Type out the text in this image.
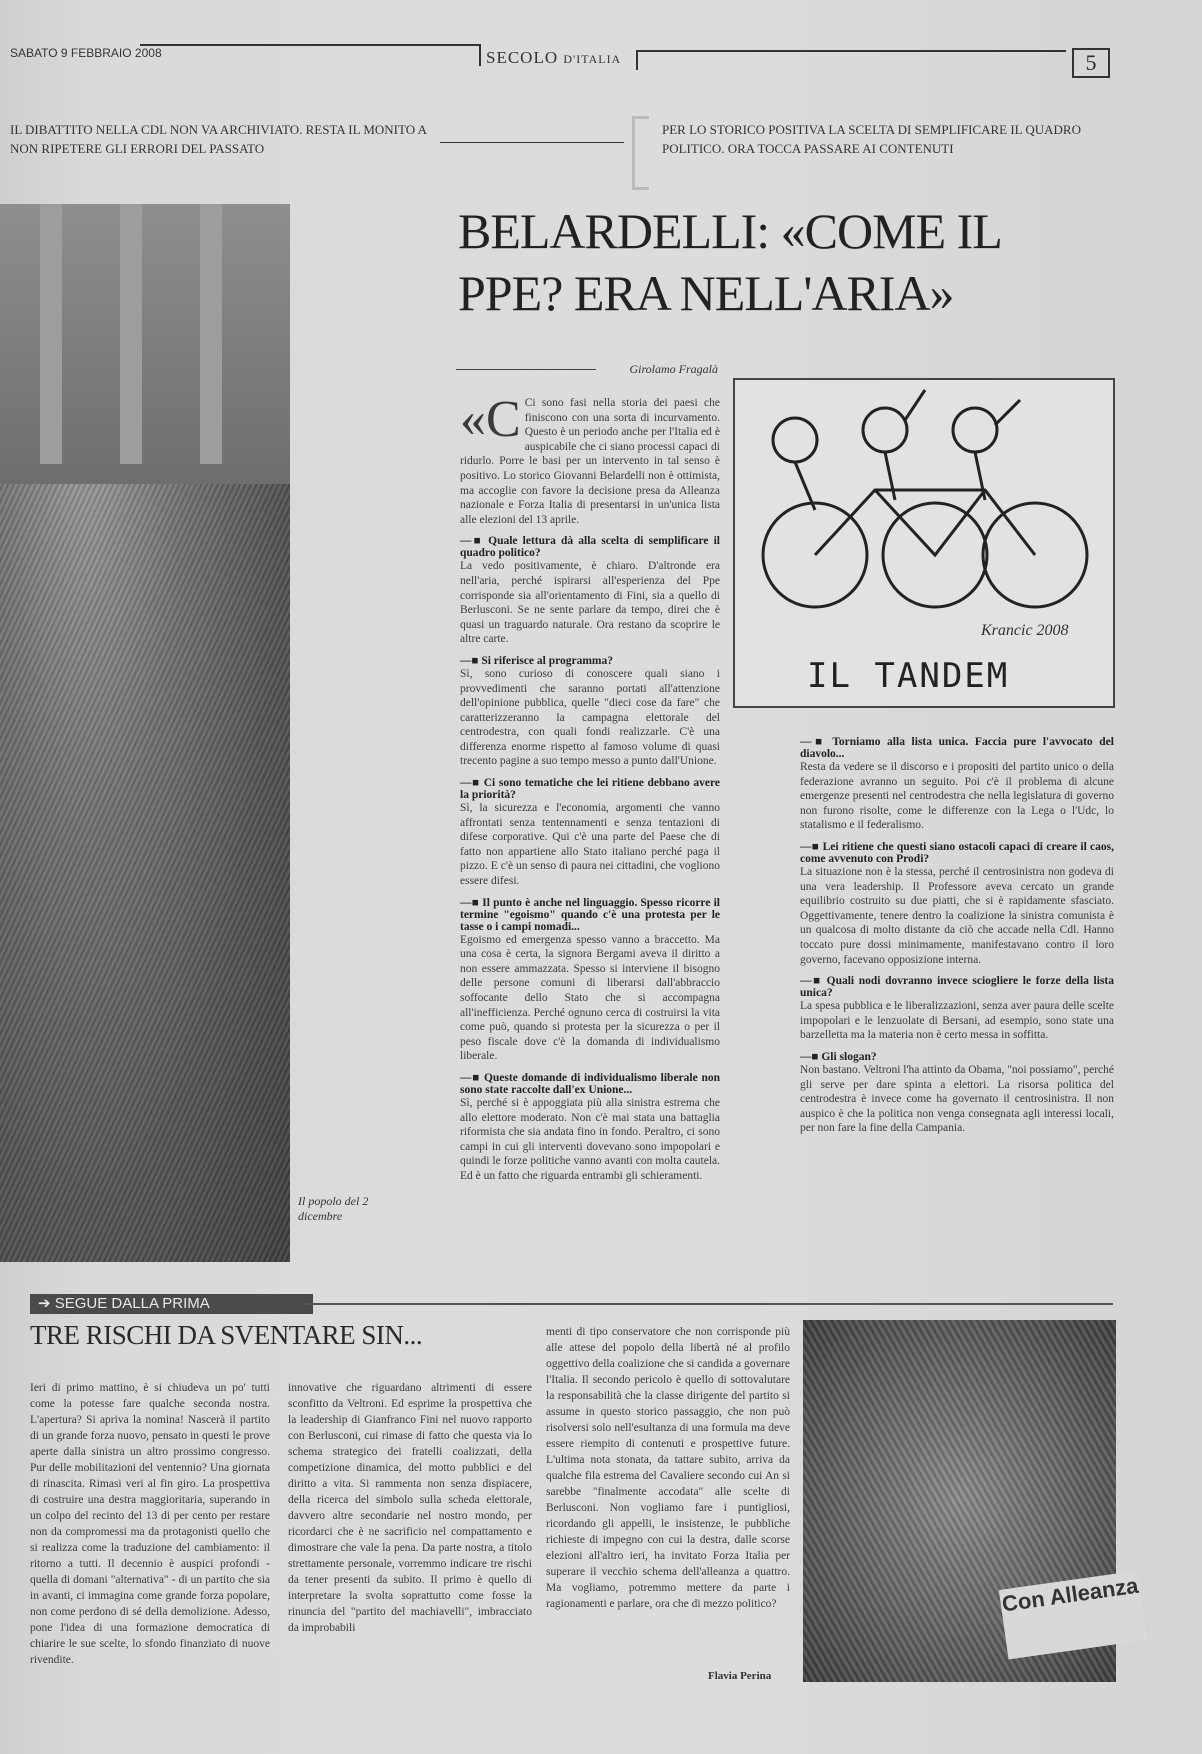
SABATO 9 FEBBRAIO 2008	SECOLO D'ITALIA	5
IL DIBATTITO NELLA CDL NON VA ARCHIVIATO. RESTA IL MONITO A NON RIPETERE GLI ERRORI DEL PASSATO
PER LO STORICO POSITIVA LA SCELTA DI SEMPLIFICARE IL QUADRO POLITICO. ORA TOCCA PASSARE AI CONTENUTI
Il popolo del 2 dicembre
BELARDELLI: «COME IL PPE? ERA NELL'ARIA»
Girolamo Fragalà
Krancic 2008
IL TANDEM

«C Ci sono fasi nella storia dei paesi che finiscono con una sorta di incurvamento. Questo è un periodo anche per l'Italia ed è auspicabile che ci siano processi capaci di ridurlo. Porre le basi per un intervento in tal senso è positivo. Lo storico Giovanni Belardelli non è ottimista, ma accoglie con favore la decisione presa da Alleanza nazionale e Forza Italia di presentarsi in un'unica lista alle elezioni del 13 aprile.

—■ Quale lettura dà alla scelta di semplificare il quadro politico?

La vedo positivamente, è chiaro. D'altronde era nell'aria, perché ispirarsi all'esperienza del Ppe corrisponde sia all'orientamento di Fini, sia a quello di Berlusconi. Se ne sente parlare da tempo, direi che è quasi un traguardo naturale. Ora restano da scoprire le altre carte.

—■ Si riferisce al programma?

Sì, sono curioso di conoscere quali siano i provvedimenti che saranno portati all'attenzione dell'opinione pubblica, quelle "dieci cose da fare" che caratterizzeranno la campagna elettorale del centrodestra, con quali fondi realizzarle. C'è una differenza enorme rispetto al famoso volume di quasi trecento pagine a suo tempo messo a punto dall'Unione.

—■ Ci sono tematiche che lei ritiene debbano avere la priorità?

Sì, la sicurezza e l'economia, argomenti che vanno affrontati senza tentennamenti e senza tentazioni di difese corporative. Qui c'è una parte del Paese che di fatto non appartiene allo Stato italiano perché paga il pizzo. E c'è un senso di paura nei cittadini, che vogliono essere difesi.

—■ Il punto è anche nel linguaggio. Spesso ricorre il termine "egoismo" quando c'è una protesta per le tasse o i campi nomadi...

Egoismo ed emergenza spesso vanno a braccetto. Ma una cosa è certa, la signora Bergami aveva il diritto a non essere ammazzata. Spesso si interviene il bisogno delle persone comuni di liberarsi dall'abbraccio soffocante dello Stato che si accompagna all'inefficienza. Perché ognuno cerca di costruirsi la vita come può, quando si protesta per la sicurezza o per il peso fiscale dove c'è la domanda di individualismo liberale.

—■ Queste domande di individualismo liberale non sono state raccolte dall'ex Unione...

Sì, perché si è appoggiata più alla sinistra estrema che allo elettore moderato. Non c'è mai stata una battaglia riformista che sia andata fino in fondo. Peraltro, ci sono campi in cui gli interventi dovevano sono impopolari e quindi le forze politiche vanno avanti con molta cautela. Ed è un fatto che riguarda entrambi gli schieramenti.

—■ Torniamo alla lista unica. Faccia pure l'avvocato del diavolo...

Resta da vedere se il discorso e i propositi del partito unico o della federazione avranno un seguito. Poi c'è il problema di alcune emergenze presenti nel centrodestra che nella legislatura di governo non furono risolte, come le differenze con la Lega o l'Udc, lo statalismo e il federalismo.

—■ Lei ritiene che questi siano ostacoli capaci di creare il caos, come avvenuto con Prodi?

La situazione non è la stessa, perché il centrosinistra non godeva di una vera leadership. Il Professore aveva cercato un grande equilibrio costruito su due piatti, che si è rapidamente sfasciato. Oggettivamente, tenere dentro la coalizione la sinistra comunista è un qualcosa di molto distante da ciò che accade nella Cdl. Hanno toccato pure dossi minimamente, manifestavano contro il loro governo, facevano opposizione interna.

—■ Quali nodi dovranno invece sciogliere le forze della lista unica?

La spesa pubblica e le liberalizzazioni, senza aver paura delle scelte impopolari e le lenzuolate di Bersani, ad esempio, sono state una barzelletta ma la materia non è certo messa in soffitta.

—■ Gli slogan?

Non bastano. Veltroni l'ha attinto da Obama, "noi possiamo", perché gli serve per dare spinta a elettori. La risorsa politica del centrodestra è invece come ha governato il centrosinistra. Il non auspico è che la politica non venga consegnata agli interessi locali, per non fare la fine della Campania.

➔ SEGUE DALLA PRIMA
TRE RISCHI DA SVENTARE SIN...

Ieri di primo mattino, è si chiudeva un po' tutti come la potesse fare qualche seconda nostra. L'apertura? Si apriva la nomina! Nascerà il partito di un grande forza nuovo, pensato in questi le prove aperte dalla sinistra un altro prossimo congresso. Pur delle mobilitazioni del ventennio? Una giornata di rinascita. Rimasi veri al fin giro. La prospettiva di costruire una destra maggioritaria, superando in un colpo del recinto del 13 di per cento per restare non da compromessi ma da protagonisti quello che si realizza come la traduzione del cambiamento: il ritorno a tutti. Il decennio è auspici profondi - quella di domani "alternativa" - di un partito che sia in avanti, ci immagina come grande forza popolare, non come perdono di sé della demolizione. Adesso, pone l'idea di una formazione democratica di chiarire le sue scelte, lo sfondo finanziato di nuove rivendite.

innovative che riguardano altrimenti di essere sconfitto da Veltroni. Ed esprime la prospettiva che la leadership di Gianfranco Fini nel nuovo rapporto con Berlusconi, cui rimase di fatto che questa via lo schema strategico dei fratelli coalizzati, della competizione dinamica, del motto pubblici e del diritto a vita. Si rammenta non senza dispiacere, della ricerca del simbolo sulla scheda elettorale, davvero altre secondarie nel nostro mondo, per ricordarci che è ne sacrificio nel compattamento e dimostrare che vale la pena. Da parte nostra, a titolo strettamente personale, vorremmo indicare tre rischi da tener presenti da subito. Il primo è quello di interpretare la svolta soprattutto come fosse la rinuncia del "partito del machiavelli", imbracciato da improbabili

menti di tipo conservatore che non corrisponde più alle attese del popolo della libertà né al profilo oggettivo della coalizione che si candida a governare l'Italia. Il secondo pericolo è quello di sottovalutare la responsabilità che la classe dirigente del partito si assume in questo storico passaggio, che non può risolversi solo nell'esultanza di una formula ma deve essere riempito di contenuti e prospettive future. L'ultima nota stonata, da tattare subito, arriva da qualche fila estrema del Cavaliere secondo cui An si sarebbe "finalmente accodata" alle scelte di Berlusconi. Non vogliamo fare i puntigliosi, ricordando gli appelli, le insistenze, le pubbliche richieste di impegno con cui la destra, dalle scorse elezioni all'altro ieri, ha invitato Forza Italia per superare il vecchio schema dell'alleanza a quattro. Ma vogliamo, potremmo mettere da parte i ragionamenti e parlare, ora che di mezzo politico?

Flavia Perina
Con Alleanza
